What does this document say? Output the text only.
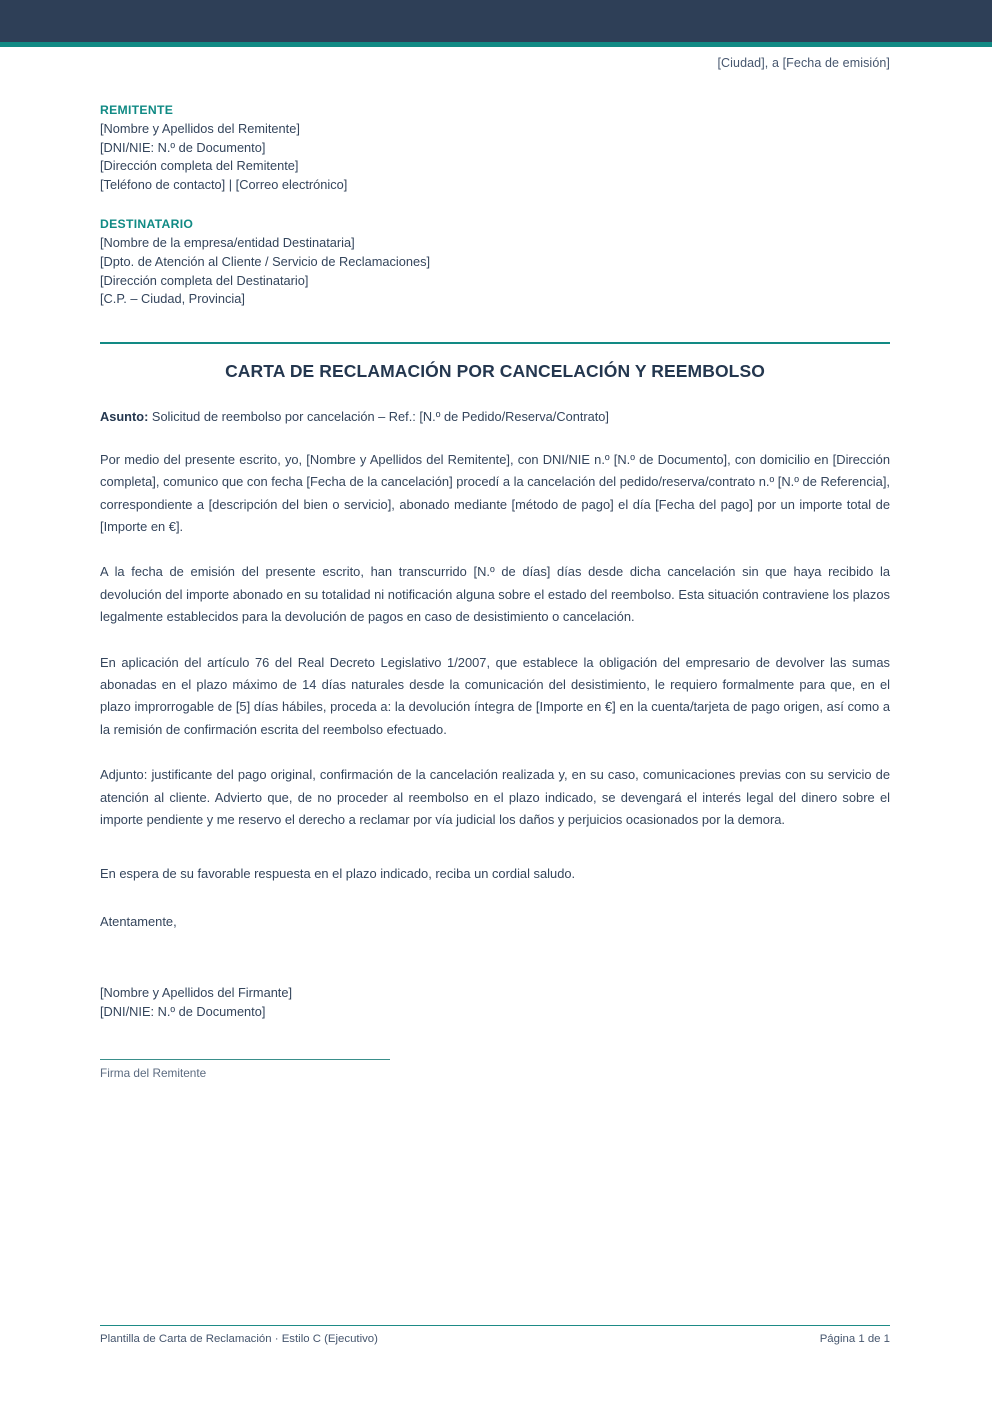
[Ciudad], a [Fecha de emisión]
REMITENTE
[Nombre y Apellidos del Remitente]
[DNI/NIE: N.º de Documento]
[Dirección completa del Remitente]
[Teléfono de contacto] | [Correo electrónico]
DESTINATARIO
[Nombre de la empresa/entidad Destinataria]
[Dpto. de Atención al Cliente / Servicio de Reclamaciones]
[Dirección completa del Destinatario]
[C.P. – Ciudad, Provincia]
CARTA DE RECLAMACIÓN POR CANCELACIÓN Y REEMBOLSO
Asunto: Solicitud de reembolso por cancelación – Ref.: [N.º de Pedido/Reserva/Contrato]

Por medio del presente escrito, yo, [Nombre y Apellidos del Remitente], con DNI/NIE n.º [N.º de Documento], con domicilio en [Dirección completa], comunico que con fecha [Fecha de la cancelación] procedí a la cancelación del pedido/reserva/contrato n.º [N.º de Referencia], correspondiente a [descripción del bien o servicio], abonado mediante [método de pago] el día [Fecha del pago] por un importe total de [Importe en €].

A la fecha de emisión del presente escrito, han transcurrido [N.º de días] días desde dicha cancelación sin que haya recibido la devolución del importe abonado en su totalidad ni notificación alguna sobre el estado del reembolso. Esta situación contraviene los plazos legalmente establecidos para la devolución de pagos en caso de desistimiento o cancelación.

En aplicación del artículo 76 del Real Decreto Legislativo 1/2007, que establece la obligación del empresario de devolver las sumas abonadas en el plazo máximo de 14 días naturales desde la comunicación del desistimiento, le requiero formalmente para que, en el plazo improrrogable de [5] días hábiles, proceda a: la devolución íntegra de [Importe en €] en la cuenta/tarjeta de pago origen, así como a la remisión de confirmación escrita del reembolso efectuado.

Adjunto: justificante del pago original, confirmación de la cancelación realizada y, en su caso, comunicaciones previas con su servicio de atención al cliente. Advierto que, de no proceder al reembolso en el plazo indicado, se devengará el interés legal del dinero sobre el importe pendiente y me reservo el derecho a reclamar por vía judicial los daños y perjuicios ocasionados por la demora.

En espera de su favorable respuesta en el plazo indicado, reciba un cordial saludo.
Atentamente,
[Nombre y Apellidos del Firmante]
[DNI/NIE: N.º de Documento]
Firma del Remitente
Plantilla de Carta de Reclamación · Estilo C (Ejecutivo)	Página 1 de 1
